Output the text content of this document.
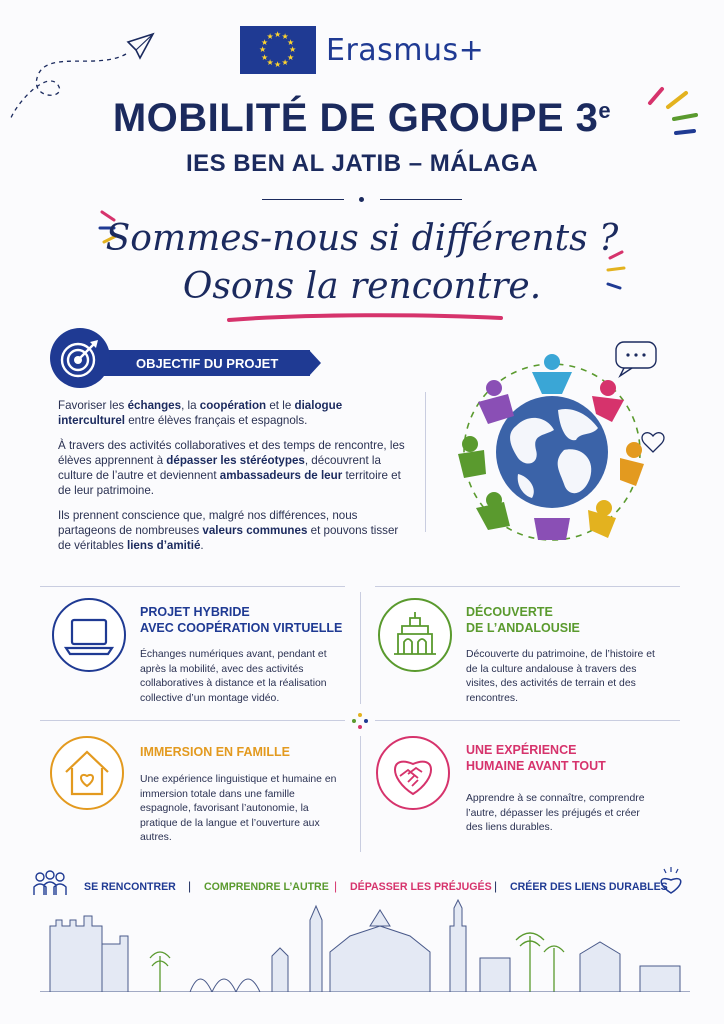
★
★
★
★
★
★
★
★
★ ★ ★
★ Erasmus+
MOBILITÉ DE GROUPE 3e
IES BEN AL JATIB – MÁLAGA
Sommes-nous si différents ?
Osons la rencontre.
OBJECTIF DU PROJET

Favoriser les échanges, la coopération et le dialogue interculturel entre élèves français et espagnols.

À travers des activités collaboratives et des temps de rencontre, les élèves apprennent à dépasser les stéréotypes, découvrent la culture de l’autre et deviennent ambassadeurs de leur territoire et de leur patrimoine.

Ils prennent conscience que, malgré nos différences, nous partageons de nombreuses valeurs communes et pouvons tisser de véritables liens d’amitié.

PROJET HYBRIDE
AVEC COOPÉRATION VIRTUELLE
Échanges numériques avant, pendant et après la mobilité, avec des activités collaboratives à distance et la réalisation collective d’un montage vidéo.
DÉCOUVERTE
DE L’ANDALOUSIE
Découverte du patrimoine, de l’histoire et de la culture andalouse à travers des visites, des activités de terrain et des rencontres.
IMMERSION EN FAMILLE
Une expérience linguistique et humaine en immersion totale dans une famille espagnole, favorisant l’autonomie, la pratique de la langue et l’ouverture aux autres.
UNE EXPÉRIENCE
HUMAINE AVANT TOUT
Apprendre à se connaître, comprendre l’autre, dépasser les préjugés et créer des liens durables.
SE RENCONTRER | COMPRENDRE L’AUTRE | DÉPASSER LES PRÉJUGÉS | CRÉER DES LIENS DURABLES
